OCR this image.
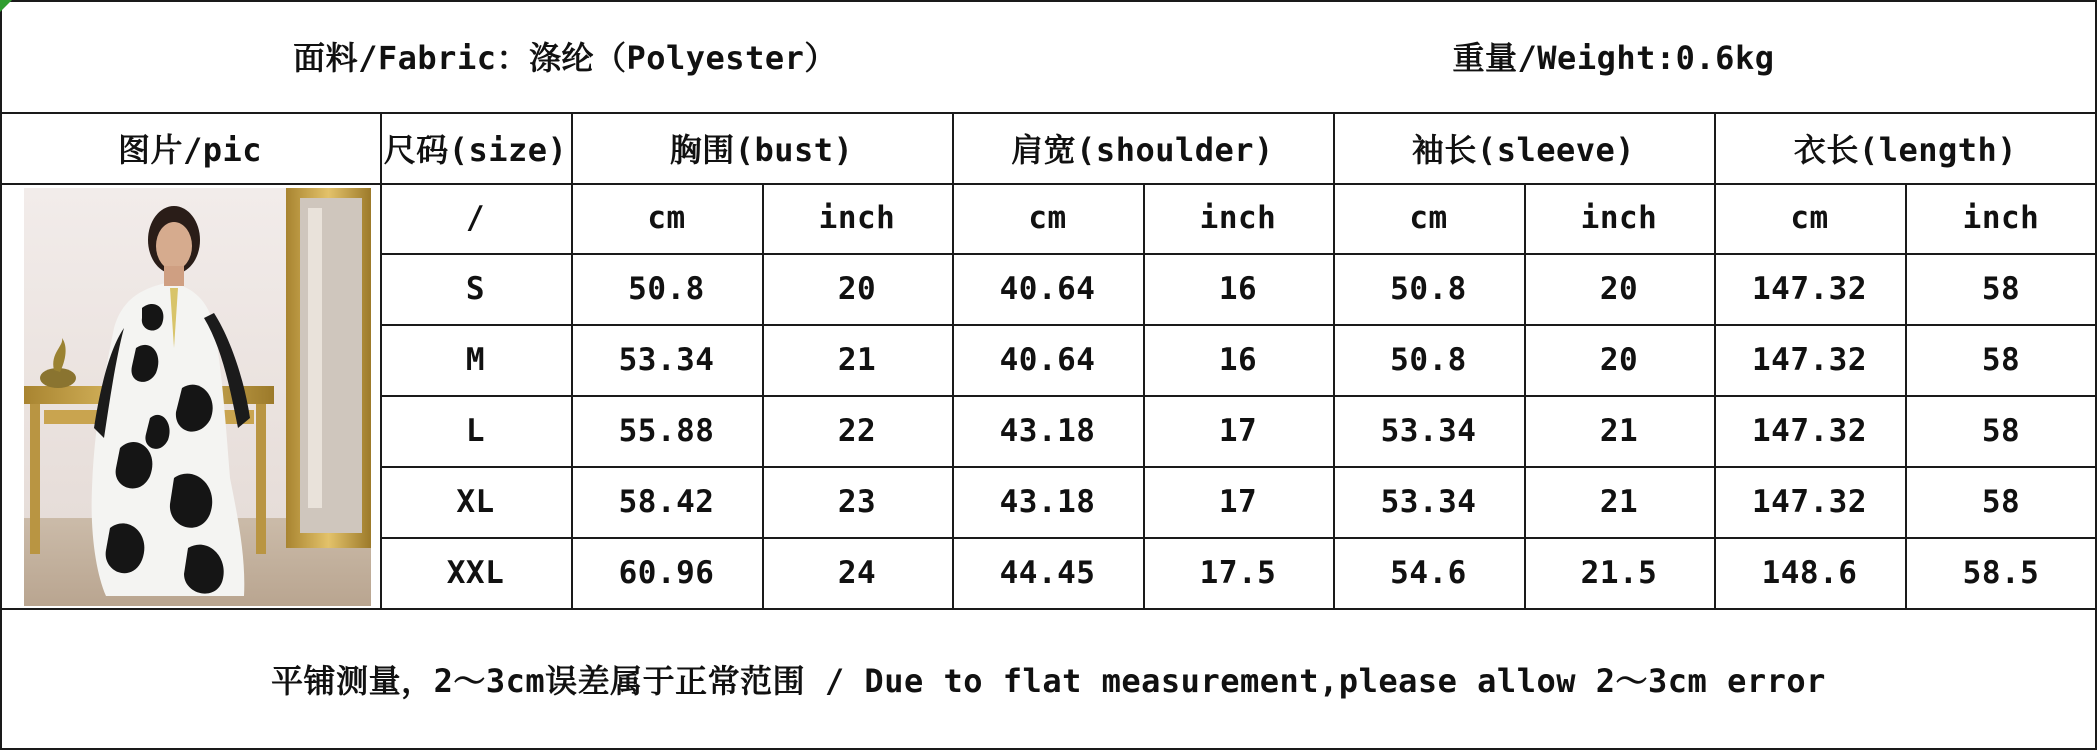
面料/Fabric：涤纶（Polyester）	重量/Weight:0.6kg
图片/pic	尺码(size)	胸围(bust)	肩宽(shoulder)	袖长(sleeve)	衣长(length)
/	cm	inch	cm	inch	cm	inch	cm	inch
S	50.8	20	40.64	16	50.8	20	147.32	58
M	53.34	21	40.64	16	50.8	20	147.32	58
L	55.88	22	43.18	17	53.34	21	147.32	58
XL	58.42	23	43.18	17	53.34	21	147.32	58
XXL	60.96	24	44.45	17.5	54.6	21.5	148.6	58.5
平铺测量，2～3cm误差属于正常范围 / Due to flat measurement,please allow 2～3cm error
